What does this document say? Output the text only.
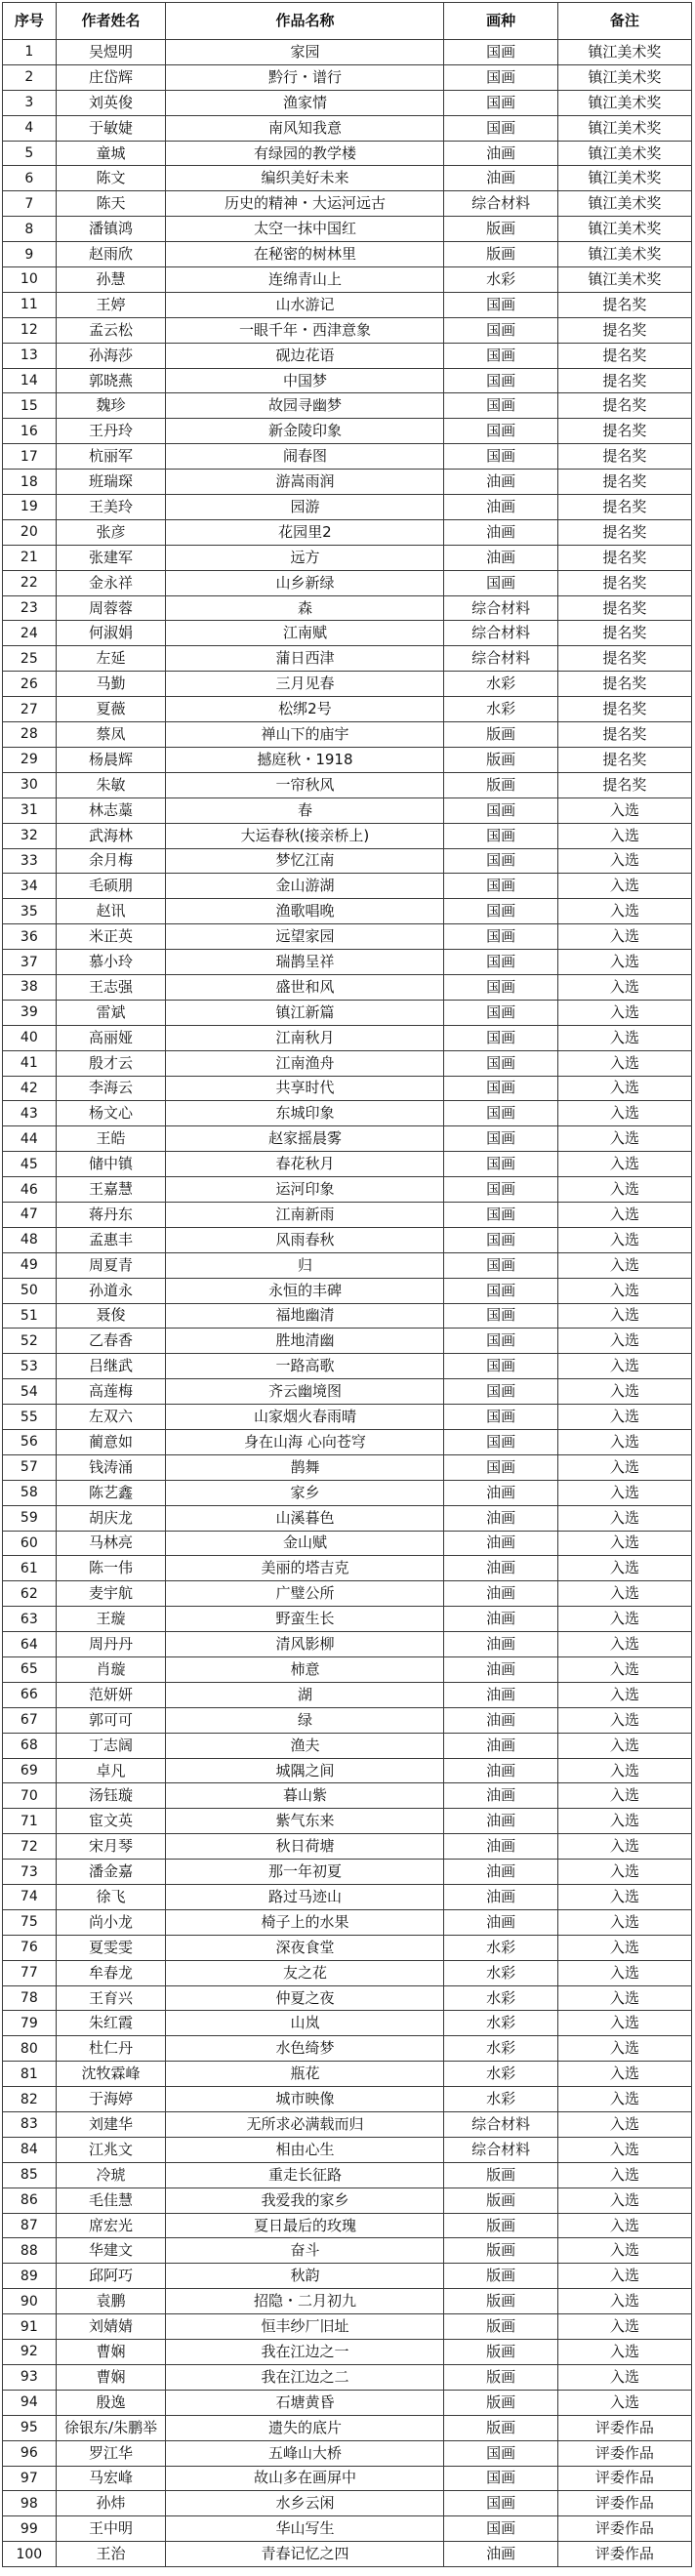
序号	作者姓名	作品名称	画种	备注
1	吴煜明	家园	国画	镇江美术奖
2	庄岱辉	黔行・谱行	国画	镇江美术奖
3	刘英俊	渔家情	国画	镇江美术奖
4	于敏婕	南风知我意	国画	镇江美术奖
5	童城	有绿园的教学楼	油画	镇江美术奖
6	陈文	编织美好未来	油画	镇江美术奖
7	陈天	历史的精神・大运河远古	综合材料	镇江美术奖
8	潘镇鸿	太空一抹中国红	版画	镇江美术奖
9	赵雨欣	在秘密的树林里	版画	镇江美术奖
10	孙慧	连绵青山上	水彩	镇江美术奖
11	王婷	山水游记	国画	提名奖
12	孟云松	一眼千年・西津意象	国画	提名奖
13	孙海莎	砚边花语	国画	提名奖
14	郭晓燕	中国梦	国画	提名奖
15	魏珍	故园寻幽梦	国画	提名奖
16	王丹玲	新金陵印象	国画	提名奖
17	杭丽军	闹春图	国画	提名奖
18	班瑞琛	游嵩雨润	油画	提名奖
19	王美玲	园游	油画	提名奖
20	张彦	花园里2	油画	提名奖
21	张建军	远方	油画	提名奖
22	金永祥	山乡新绿	国画	提名奖
23	周蓉蓉	森	综合材料	提名奖
24	何淑娟	江南赋	综合材料	提名奖
25	左延	蒲日西津	综合材料	提名奖
26	马勤	三月见春	水彩	提名奖
27	夏薇	松绑2号	水彩	提名奖
28	蔡凤	禅山下的庙宇	版画	提名奖
29	杨晨辉	撼庭秋・1918	版画	提名奖
30	朱敏	一帘秋风	版画	提名奖
31	林志藁	春	国画	入选
32	武海林	大运春秋(接亲桥上)	国画	入选
33	余月梅	梦忆江南	国画	入选
34	毛硕朋	金山游湖	国画	入选
35	赵讯	渔歌唱晚	国画	入选
36	米正英	远望家园	国画	入选
37	慕小玲	瑞鹊呈祥	国画	入选
38	王志强	盛世和风	国画	入选
39	雷斌	镇江新篇	国画	入选
40	高丽娅	江南秋月	国画	入选
41	殷才云	江南渔舟	国画	入选
42	李海云	共享时代	国画	入选
43	杨文心	东城印象	国画	入选
44	王皓	赵家摇晨雾	国画	入选
45	储中镇	春花秋月	国画	入选
46	王嘉慧	运河印象	国画	入选
47	蒋丹东	江南新雨	国画	入选
48	孟惠丰	风雨春秋	国画	入选
49	周夏青	归	国画	入选
50	孙道永	永恒的丰碑	国画	入选
51	聂俊	福地幽清	国画	入选
52	乙春香	胜地清幽	国画	入选
53	吕继武	一路高歌	国画	入选
54	高莲梅	齐云幽境图	国画	入选
55	左双六	山家烟火春雨晴	国画	入选
56	蔺意如	身在山海 心向苍穹	国画	入选
57	钱涛涌	鹊舞	国画	入选
58	陈艺鑫	家乡	油画	入选
59	胡庆龙	山溪暮色	油画	入选
60	马林亮	金山赋	油画	入选
61	陈一伟	美丽的塔吉克	油画	入选
62	麦宇航	广璧公所	油画	入选
63	王璇	野蛮生长	油画	入选
64	周丹丹	清风影柳	油画	入选
65	肖璇	柿意	油画	入选
66	范妍妍	湖	油画	入选
67	郭可可	绿	油画	入选
68	丁志阔	渔夫	油画	入选
69	卓凡	城隅之间	油画	入选
70	汤钰璇	暮山紫	油画	入选
71	宦文英	紫气东来	油画	入选
72	宋月琴	秋日荷塘	油画	入选
73	潘金嘉	那一年初夏	油画	入选
74	徐飞	路过马迹山	油画	入选
75	尚小龙	椅子上的水果	油画	入选
76	夏雯雯	深夜食堂	水彩	入选
77	牟春龙	友之花	水彩	入选
78	王育兴	仲夏之夜	水彩	入选
79	朱红霞	山岚	水彩	入选
80	杜仁丹	水色绮梦	水彩	入选
81	沈牧霖峰	瓶花	水彩	入选
82	于海婷	城市映像	水彩	入选
83	刘建华	无所求必满载而归	综合材料	入选
84	江兆文	相由心生	综合材料	入选
85	冷琥	重走长征路	版画	入选
86	毛佳慧	我爱我的家乡	版画	入选
87	席宏光	夏日最后的玫瑰	版画	入选
88	华建文	奋斗	版画	入选
89	邱阿巧	秋韵	版画	入选
90	袁鹏	招隐・二月初九	版画	入选
91	刘婧婧	恒丰纱厂旧址	版画	入选
92	曹娴	我在江边之一	版画	入选
93	曹娴	我在江边之二	版画	入选
94	殷逸	石塘黄昏	版画	入选
95	徐银东/朱鹏举	遗失的底片	版画	评委作品
96	罗江华	五峰山大桥	国画	评委作品
97	马宏峰	故山多在画屏中	国画	评委作品
98	孙炜	水乡云闲	国画	评委作品
99	王中明	华山写生	国画	评委作品
100	王治	青春记忆之四	油画	评委作品
